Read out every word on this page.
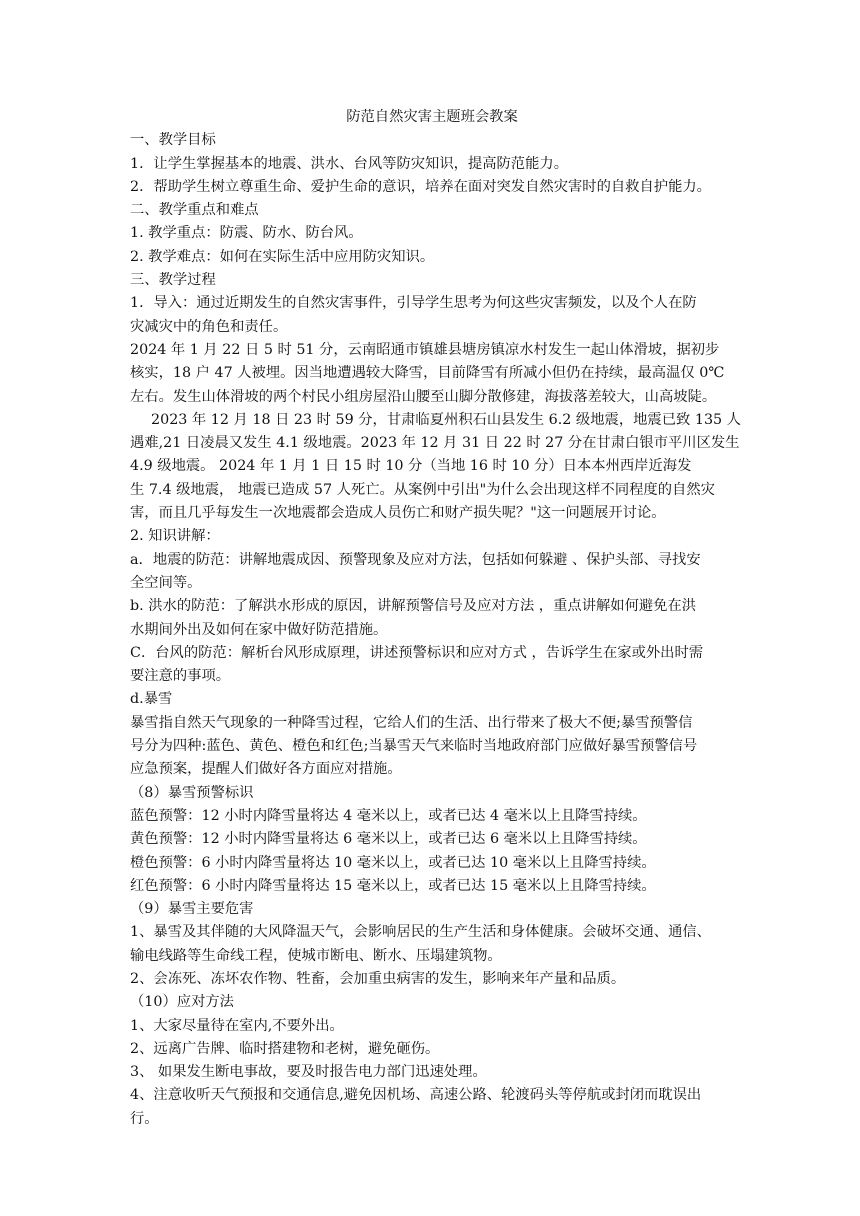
防范自然灾害主题班会教案
一、教学目标
1．让学生掌握基本的地震、洪水、台风等防灾知识，提高防范能力。
2．帮助学生树立尊重生命、爱护生命的意识，培养在面对突发自然灾害时的自救自护能力。
二、教学重点和难点
1. 教学重点：防震、防水、防台风。
2. 教学难点：如何在实际生活中应用防灾知识。
三、教学过程
1．导入：通过近期发生的自然灾害事件，引导学生思考为何这些灾害频发，以及个人在防
灾减灾中的角色和责任。
2024 年 1 月 22 日 5 时 51 分，云南昭通市镇雄县塘房镇凉水村发生一起山体滑坡，据初步
核实，18 户 47 人被埋。因当地遭遇较大降雪，目前降雪有所减小但仍在持续，最高温仅 0℃
左右。发生山体滑坡的两个村民小组房屋沿山腰至山脚分散修建，海拔落差较大，山高坡陡。
2023 年 12 月 18 日 23 时 59 分，甘肃临夏州积石山县发生 6.2 级地震，地震已致 135 人
遇难,21 日凌晨又发生 4.1 级地震。2023 年 12 月 31 日 22 时 27 分在甘肃白银市平川区发生
4.9 级地震。 2024 年 1 月 1 日 15 时 10 分（当地 16 时 10 分）日本本州西岸近海发
生 7.4 级地震， 地震已造成 57 人死亡。从案例中引出"为什么会出现这样不同程度的自然灾
害，而且几乎每发生一次地震都会造成人员伤亡和财产损失呢？"这一问题展开讨论。
2. 知识讲解：
a．地震的防范：讲解地震成因、预警现象及应对方法，包括如何躲避 、保护头部、寻找安
全空间等。
b. 洪水的防范：了解洪水形成的原因，讲解预警信号及应对方法 ，重点讲解如何避免在洪
水期间外出及如何在家中做好防范措施。
C．台风的防范：解析台风形成原理，讲述预警标识和应对方式 ，告诉学生在家或外出时需
要注意的事项。
d.暴雪
暴雪指自然天气现象的一种降雪过程，它给人们的生活、出行带来了极大不便;暴雪预警信
号分为四种:蓝色、黄色、橙色和红色;当暴雪天气来临时当地政府部门应做好暴雪预警信号
应急预案，提醒人们做好各方面应对措施。
（8）暴雪预警标识
蓝色预警：12 小时内降雪量将达 4 毫米以上，或者已达 4 毫米以上且降雪持续。
黄色预警：12 小时内降雪量将达 6 毫米以上，或者已达 6 毫米以上且降雪持续。
橙色预警：6 小时内降雪量将达 10 毫米以上，或者已达 10 毫米以上且降雪持续。
红色预警：6 小时内降雪量将达 15 毫米以上，或者已达 15 毫米以上且降雪持续。
（9）暴雪主要危害
1、暴雪及其伴随的大风降温天气，会影响居民的生产生活和身体健康。会破坏交通、通信、
输电线路等生命线工程，使城市断电、断水、压塌建筑物。
2、会冻死、冻坏农作物、牲畜，会加重虫病害的发生，影响来年产量和品质。
（10）应对方法
1、大家尽量待在室内,不要外出。
2、远离广告牌、临时搭建物和老树，避免砸伤。
3、 如果发生断电事故，要及时报告电力部门迅速处理。
4、注意收听天气预报和交通信息,避免因机场、高速公路、轮渡码头等停航或封闭而耽误出
行。
